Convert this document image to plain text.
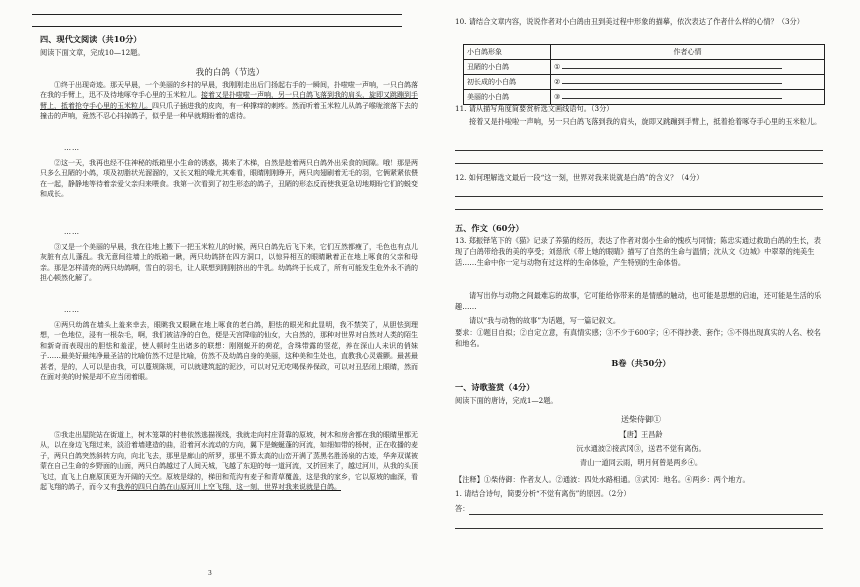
四、现代文阅读（共10分）
阅读下面文章，完成10—12题。
我的白鸽（节选）
①终于出现奇迹。那天早晨，一个美丽的乡村的早晨，我刚刚走出后门扬起右手的一瞬间，扑啦啦一声响，一只白鸽落在我的手臂上，迅不及待地啄夺手心里的玉米粒儿。接着又是扑啦啦一声响，另一只白鸽飞落到我的肩头，旋即又跳蹦到手臂上，抵着抢夺手心里的玉米粒儿。四只爪子插进我的皮肉，有一种撑痒的刺疼。然而听着玉米粒儿从鸽子喉咙滚落下去的撞击的声响，竟然不忍心抖掉鸽子，似乎是一种早就期盼着的虐待。
……
②这一天，我再也经不住神秘的纸箱里小生命的诱惑，揭来了木梯，自然是趁着两只白鸽外出采食的间隙。哦！那是两只多么丑陋的小鸽，项及初脂状光溜溜的，又长又粗的喙尤其难看，眼睛刚刚睁开，两只肉翅刷着无毛的羽，它俩紧紧依偎在一起，静静地等待着亲爱父亲归来喂食。我第一次看到了初生形态的鸽子，丑陋的形态反而使我更急切地期盼它们的蜕变和成长。
……
③又是一个美丽的早晨，我在往地上搬下一把玉米粒儿的时候，两只白鸽先后飞下来，它们互然都瘦了，毛色也有点儿灰脏有点儿蓬乱。我无意间往墙上的纸箱一瞅，两只幼鸽挤在四方洞口，以惊异相互的眼睛瞅着正在地上啄食的父亲和母亲。那是怎样清亮的两只幼鸽啊，雪白的羽毛，让人联想到刚刚挤出的牛乳。幼鸽终于长成了，所有可能发生危外永不消的担心顿然化解了。
……
④两只幼鸽在墙头上羞来幸去，眼眺我又眼瞅在地上啄食的老白鸽，胆怯的眼光和此显明，我不禁笑了，从胆怯到理想，一色地位，浸有一根杂毛，啊，我们被洁净的白色，便是天宫降临的仙女，大自然的，那种对世界对自然对人类的陌生和新奇而表现出的胆怯和羞涩，使人顿时生出诸多的联想：刚刚蜕开的荷花，含珠带露的竖花，养在深山人未识的俏妹子……最美好最纯净最圣洁的比喻仿然不过是比喻，仿然不及幼鸽自身的美丽，这种美和生处也，直教我心灵震颤。最甚最甚者，是的，人可以是由我，可以蔓规陈规，可以就建筑起的泥沙，可以对兄无吃喝保养保政，可以对丑恶闭上眼睛，然而在面对美的时候是却不应当闭着眼。
⑤我走出屋院站在街道上，树木笼罩的村巷依然逃描视线，我就走向村庄背靠的原坡，树木和房舍都在我的眼睛里都无从，以在身边飞翔过来，淡沿着墙建造的曲，沿着河水流动的方向，翼下是蜿蜒蓬的河流，如细如带的杨树，正在收播的麦子，两只白鸽突然斜转方向，向北飞去，那里是廊山的所罗，那里不算太高的山峦开满了蒸黑名胜汤泉的古迹，华奔双谋被蒙在自己生命的乡野面的山面，两只白鸽越过了人间天城，飞越了东迎的每一道河流，又折回来了，越过河川，从我的头顶飞过，直飞上白鹿原顶更为开阔的天空。原坡是绿的，梯田和荒沟有麦子和青草覆盖，这是我的家乡，它以原坡的幽深，看起飞翔的鸽子，而今又有我养的四只白鸽在山原河川上空飞翔，这一刻，世界对我来说就是白鸽。
3
10. 请结合文章内容，说说作者对小白鸽由丑到美过程中形象的描摹，依次表达了作者什么样的心情？（3分）
小白鸽形象	作者心情
丑陋的小白鸽	①
初长成的小白鸽	②
美丽的小白鸽	③
11. 请从描写角度简要赏析选文画线语句。（3分）
接着又是扑啦啦一声响，另一只白鸽飞落到我的肩头，旋即又跳蹦到手臂上，抵着抢着啄夺手心里的玉米粒儿。
12. 如何理解选文最后一段“这一刻，世界对我来说就是白鸽”的含义？（4分）
五、作文（60分）
13. 郑振铎笔下的《猫》记录了养猫的经历，表达了作者对弱小生命的愧疚与同情；陈忠实通过救助白鸽的生长，表现了白鸽带给我的美的享受；刘慈欣《带上她的眼睛》描写了自然的生命与温情；沈从文《边城》中翠翠的纯美生活……生命中你一定与动物有过这样的生命体验，产生特别的生命体悟。
请写出你与动物之间最难忘的故事，它可能给你带来的是情感的触动，也可能是思想的启迪，还可能是生活的乐趣……
请以“我与动物的故事”为话题，写一篇记叙文。
要求：①题目自拟；②自定立意，有真情实感；③不少于600字；④不得抄袭、套作；⑤不得出现真实的人名、校名和地名。
B卷（共50分）
一、诗歌鉴赏（4分）
阅读下面的唐诗，完成1—2题。
送柴侍御①
【唐】王昌龄
沅水通波②接武冈③，送君不觉有离伤。
青山一道同云雨，明月何曾是两乡④。
【注释】①柴侍御：作者友人。②通波：四处水路相通。③武冈：地名。④两乡：两个地方。
1. 请结合诗句，简要分析“不觉有离伤”的原因。（2分）
答：
